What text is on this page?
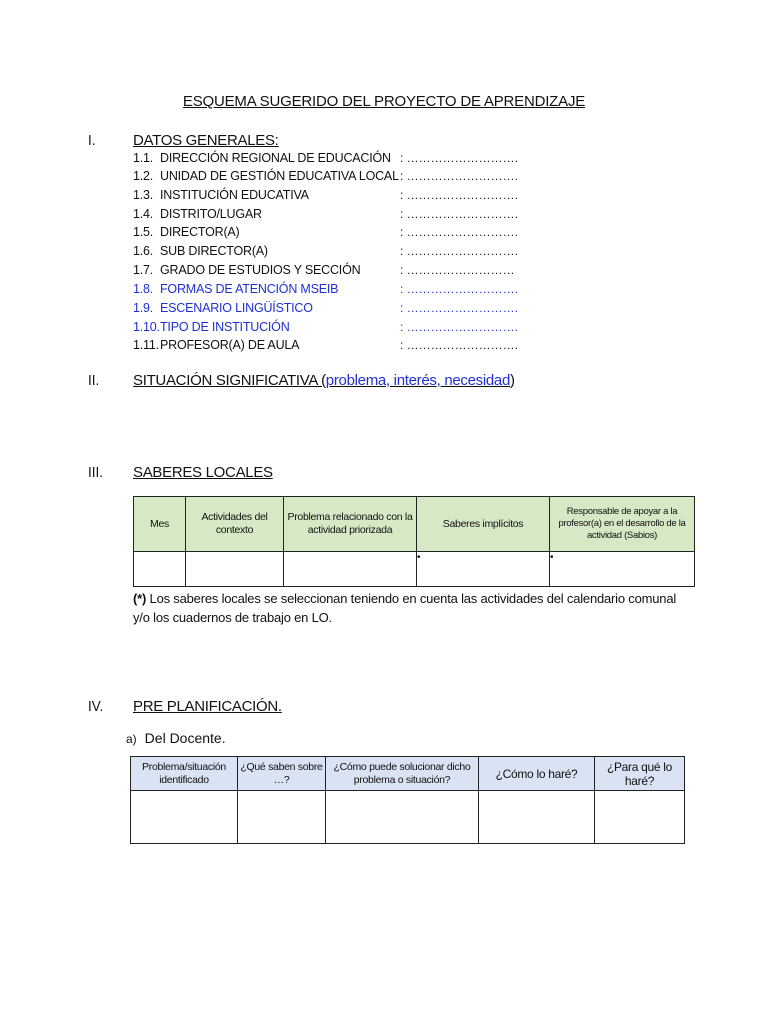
ESQUEMA SUGERIDO DEL PROYECTO DE APRENDIZAJE
I. DATOS GENERALES:
1.1. DIRECCIÓN REGIONAL DE EDUCACIÓN : ……………………….
1.2. UNIDAD DE GESTIÓN EDUCATIVA LOCAL : ……………………….
1.3. INSTITUCIÓN EDUCATIVA	: ……………………….
1.4. DISTRITO/LUGAR	: ……………………….
1.5. DIRECTOR(A)	: ……………………….
1.6. SUB DIRECTOR(A)	: ……………………….
1.7. GRADO DE ESTUDIOS Y SECCIÓN	: ………………………
1.8. FORMAS DE ATENCIÓN MSEIB	: ……………………….
1.9. ESCENARIO LINGÜÍSTICO	: ……………………….
1.10.TIPO DE INSTITUCIÓN	: ……………………….
1.11.PROFESOR(A) DE AULA	: ……………………….
II. SITUACIÓN SIGNIFICATIVA (problema, interés, necesidad)
III. SABERES LOCALES
Mes	Actividades del contexto	Problema relacionado con la actividad priorizada	Saberes implícitos	Responsable de apoyar a la profesor(a) en el desarrollo de la actividad (Sabios)
			•	•
(*) Los saberes locales se seleccionan teniendo en cuenta las actividades del calendario comunal y/o los cuadernos de trabajo en LO.
IV. PRE PLANIFICACIÓN.
a) Del Docente.
Problema/situación identificado	¿Qué saben sobre …?	¿Cómo puede solucionar dicho problema o situación?	¿Cómo lo haré?	¿Para qué lo haré?
